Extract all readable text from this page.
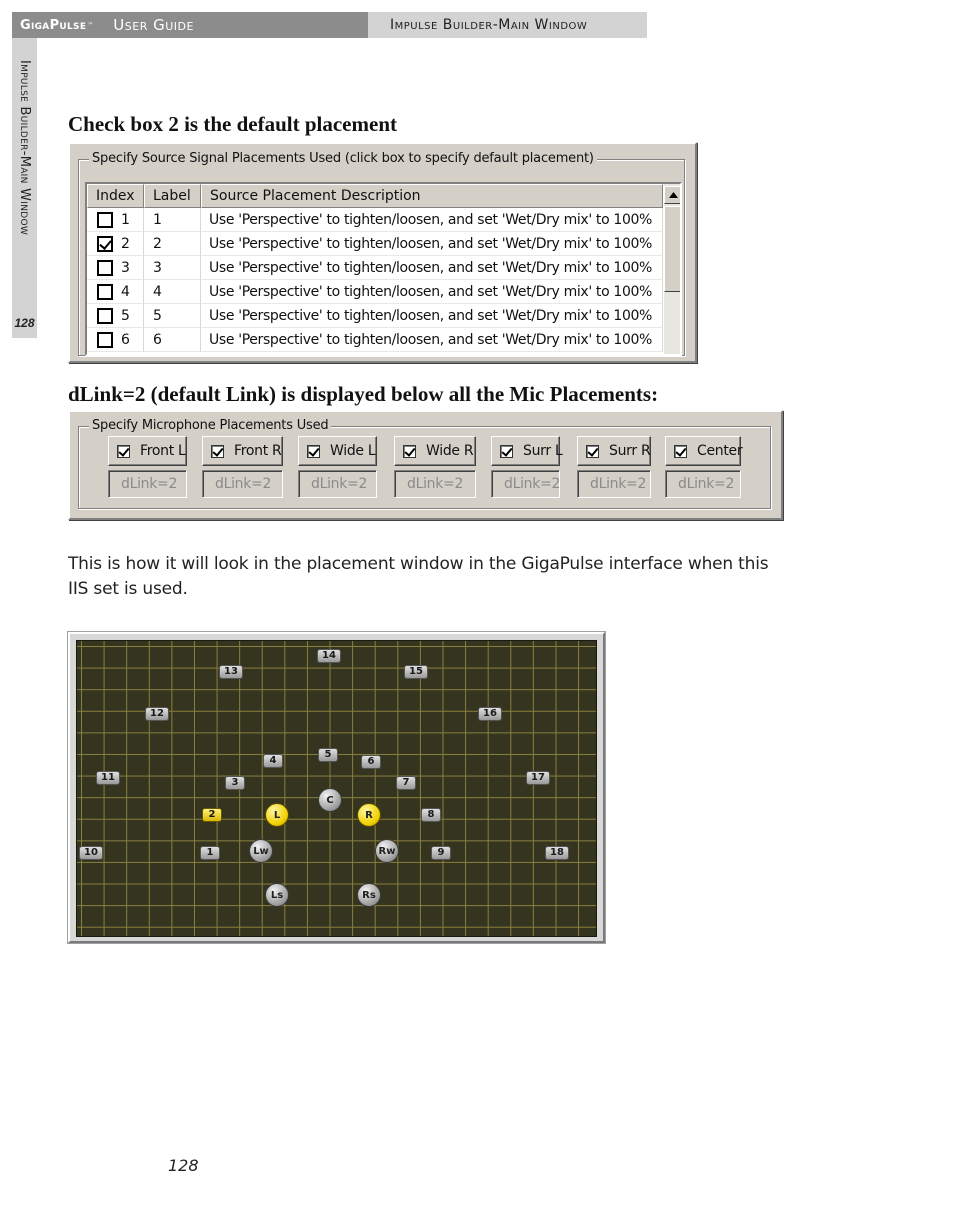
GigaPulse ™ User Guide	Impulse Builder-Main Window
Impulse Builder-Main Window
128
Check box 2 is the default placement
Specify Source Signal Placements Used (click box to specify default placement)
Index	Label	Source Placement Description
1	1	Use 'Perspective' to tighten/loosen, and set 'Wet/Dry mix' to 100%
2	2	Use 'Perspective' to tighten/loosen, and set 'Wet/Dry mix' to 100%
3	3	Use 'Perspective' to tighten/loosen, and set 'Wet/Dry mix' to 100%
4	4	Use 'Perspective' to tighten/loosen, and set 'Wet/Dry mix' to 100%
5	5	Use 'Perspective' to tighten/loosen, and set 'Wet/Dry mix' to 100%
6	6	Use 'Perspective' to tighten/loosen, and set 'Wet/Dry mix' to 100%
dLink=2 (default Link) is displayed below all the Mic Placements:
Specify Microphone Placements Used
Front L
dLink=2
Front R
dLink=2
Wide L
dLink=2
Wide R
dLink=2
Surr L
dLink=2
Surr R
dLink=2
Center
dLink=2

This is how it will look in the placement window in the GigaPulse interface when this IIS set is used.

1
2
3
4
5
6
7
8
9
10
11
12
13
14
15
16
17
18
L	R
C
Lw	Rw
Ls	Rs
128
